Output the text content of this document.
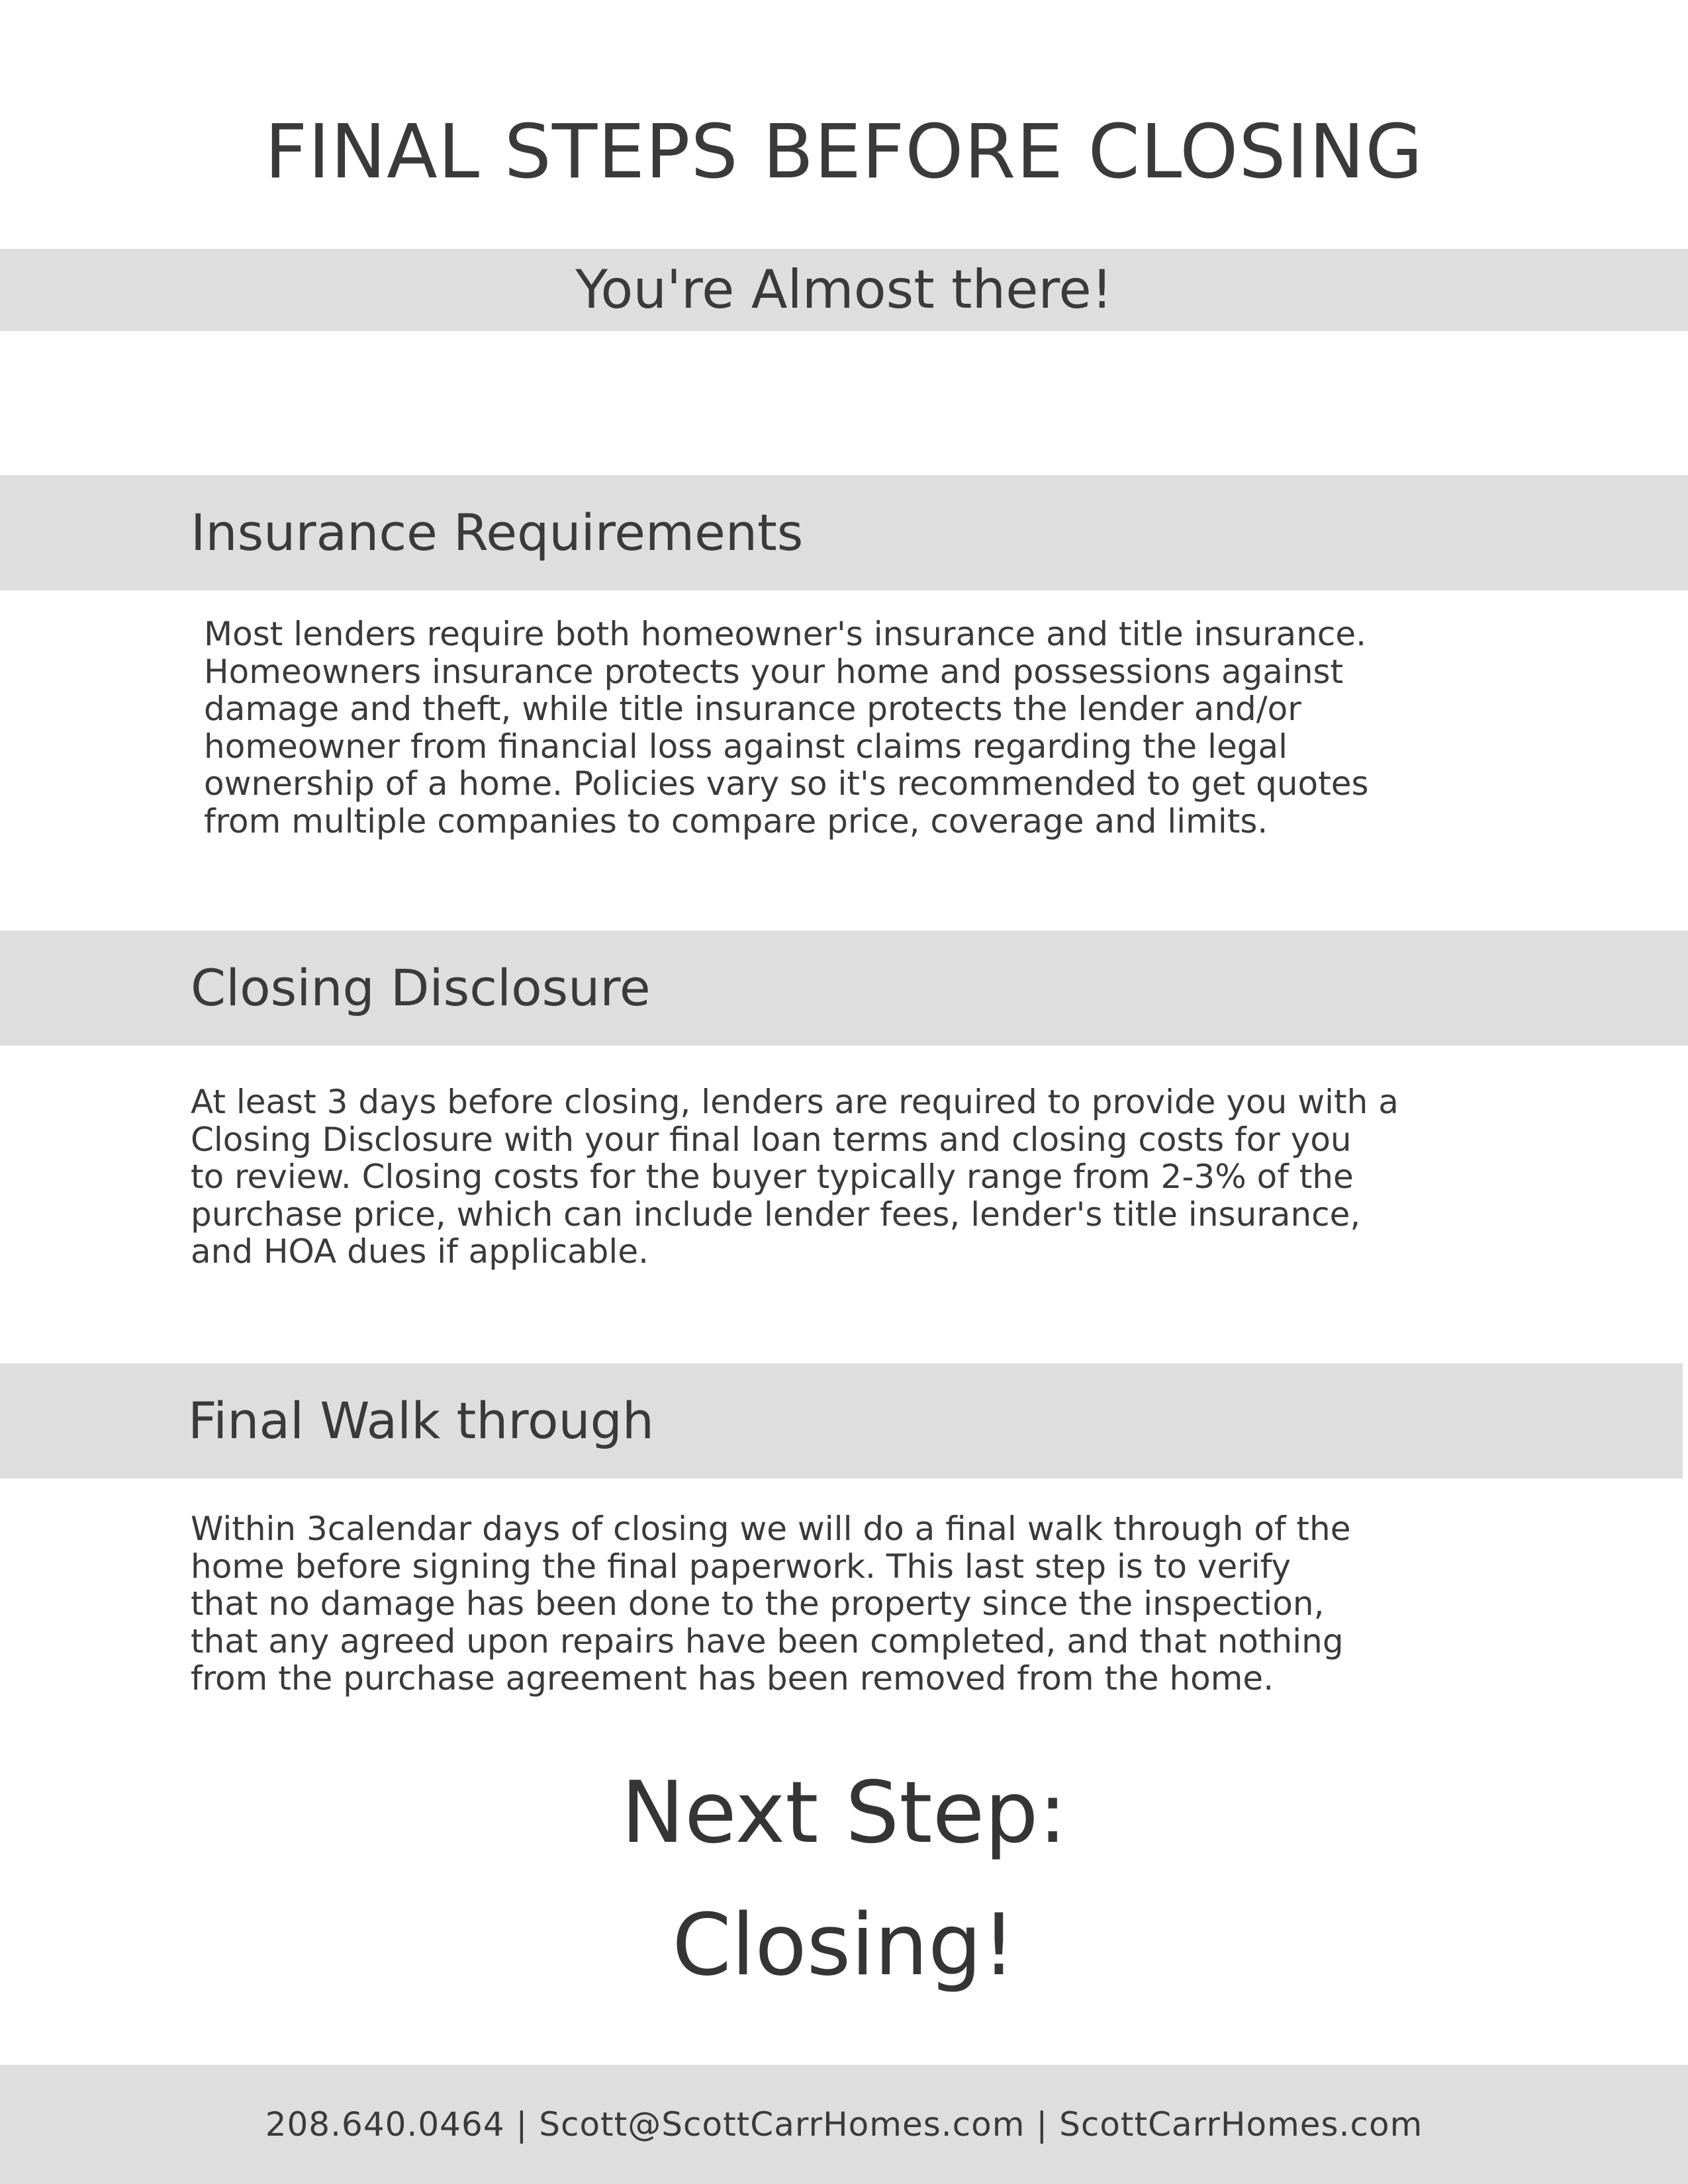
FINAL STEPS BEFORE CLOSING
You're Almost there!
Insurance Requirements
Most lenders require both homeowner's insurance and title insurance.
Homeowners insurance protects your home and possessions against
damage and theft, while title insurance protects the lender and/or
homeowner from financial loss against claims regarding the legal
ownership of a home. Policies vary so it's recommended to get quotes
from multiple companies to compare price, coverage and limits.
Closing Disclosure
At least 3 days before closing, lenders are required to provide you with a
Closing Disclosure with your final loan terms and closing costs for you
to review. Closing costs for the buyer typically range from 2-3% of the
purchase price, which can include lender fees, lender's title insurance,
and HOA dues if applicable.
Final Walk through
Within 3calendar days of closing we will do a final walk through of the
home before signing the final paperwork. This last step is to verify
that no damage has been done to the property since the inspection,
that any agreed upon repairs have been completed, and that nothing
from the purchase agreement has been removed from the home.
Next Step:
Closing!
208.640.0464 | Scott@ScottCarrHomes.com | ScottCarrHomes.com
